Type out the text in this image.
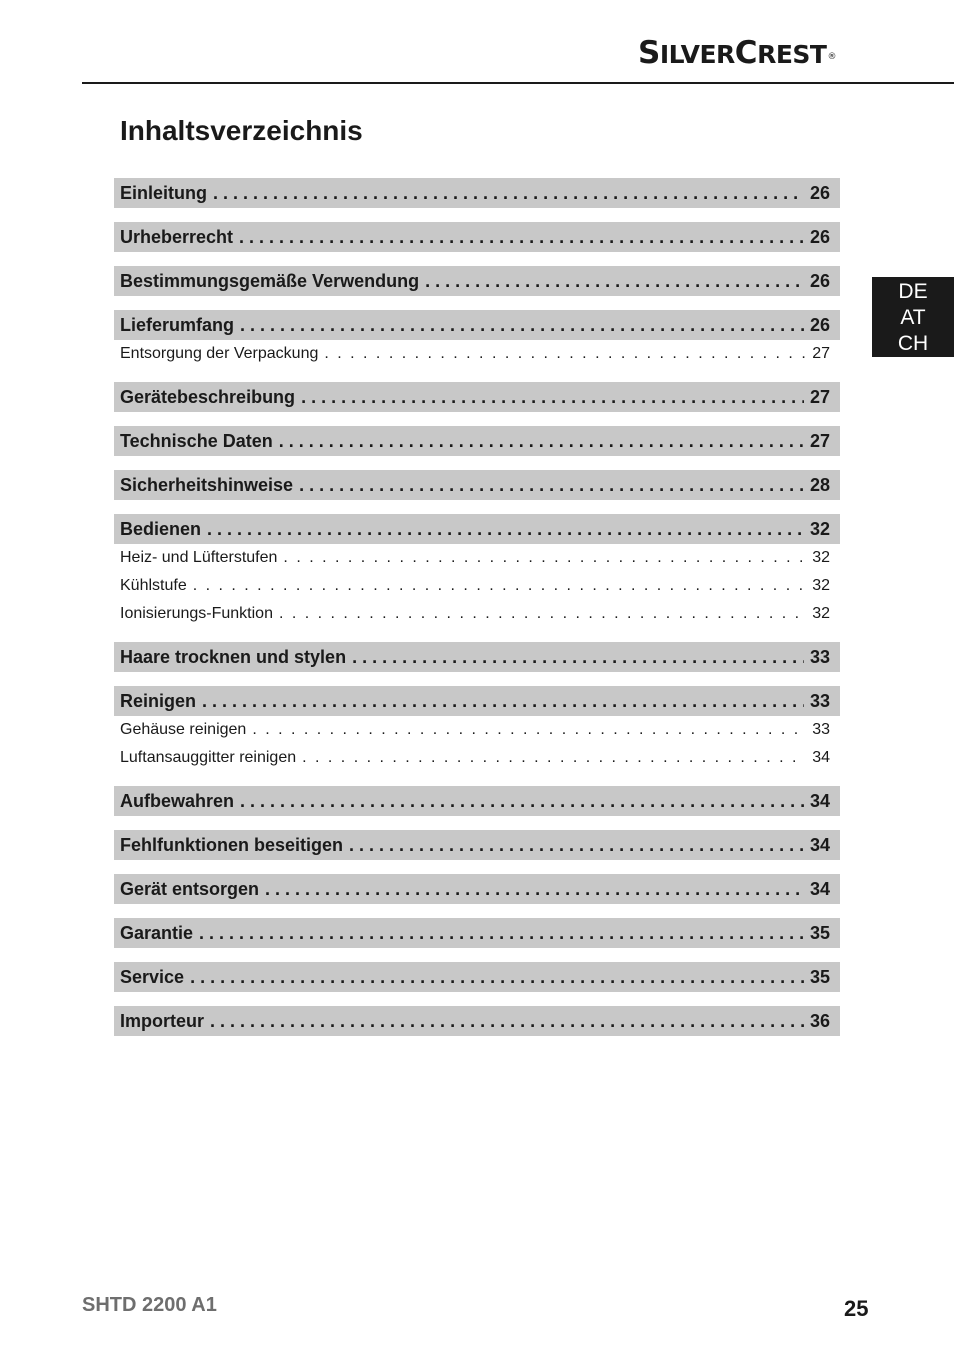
SILVERCREST®
Inhaltsverzeichnis
Einleitung . . .	26
Urheberrecht . . .	26
Bestimmungsgemäße Verwendung . . .	26
Lieferumfang . . .	26
Entsorgung der Verpackung . . .	27
Gerätebeschreibung . . .	27
Technische Daten . . .	27
Sicherheitshinweise . . .	28
Bedienen . . .	32
Heiz- und Lüfterstufen . . .	32
Kühlstufe . . .	32
Ionisierungs-Funktion . . .	32
Haare trocknen und stylen . . .	33
Reinigen . . .	33
Gehäuse reinigen . . .	33
Luftansauggitter reinigen . . .	34
Aufbewahren . . .	34
Fehlfunktionen beseitigen . . .	34
Gerät entsorgen . . .	34
Garantie . . .	35
Service . . .	35
Importeur . . .	36
DE
AT
CH
SHTD 2200 A1	25
